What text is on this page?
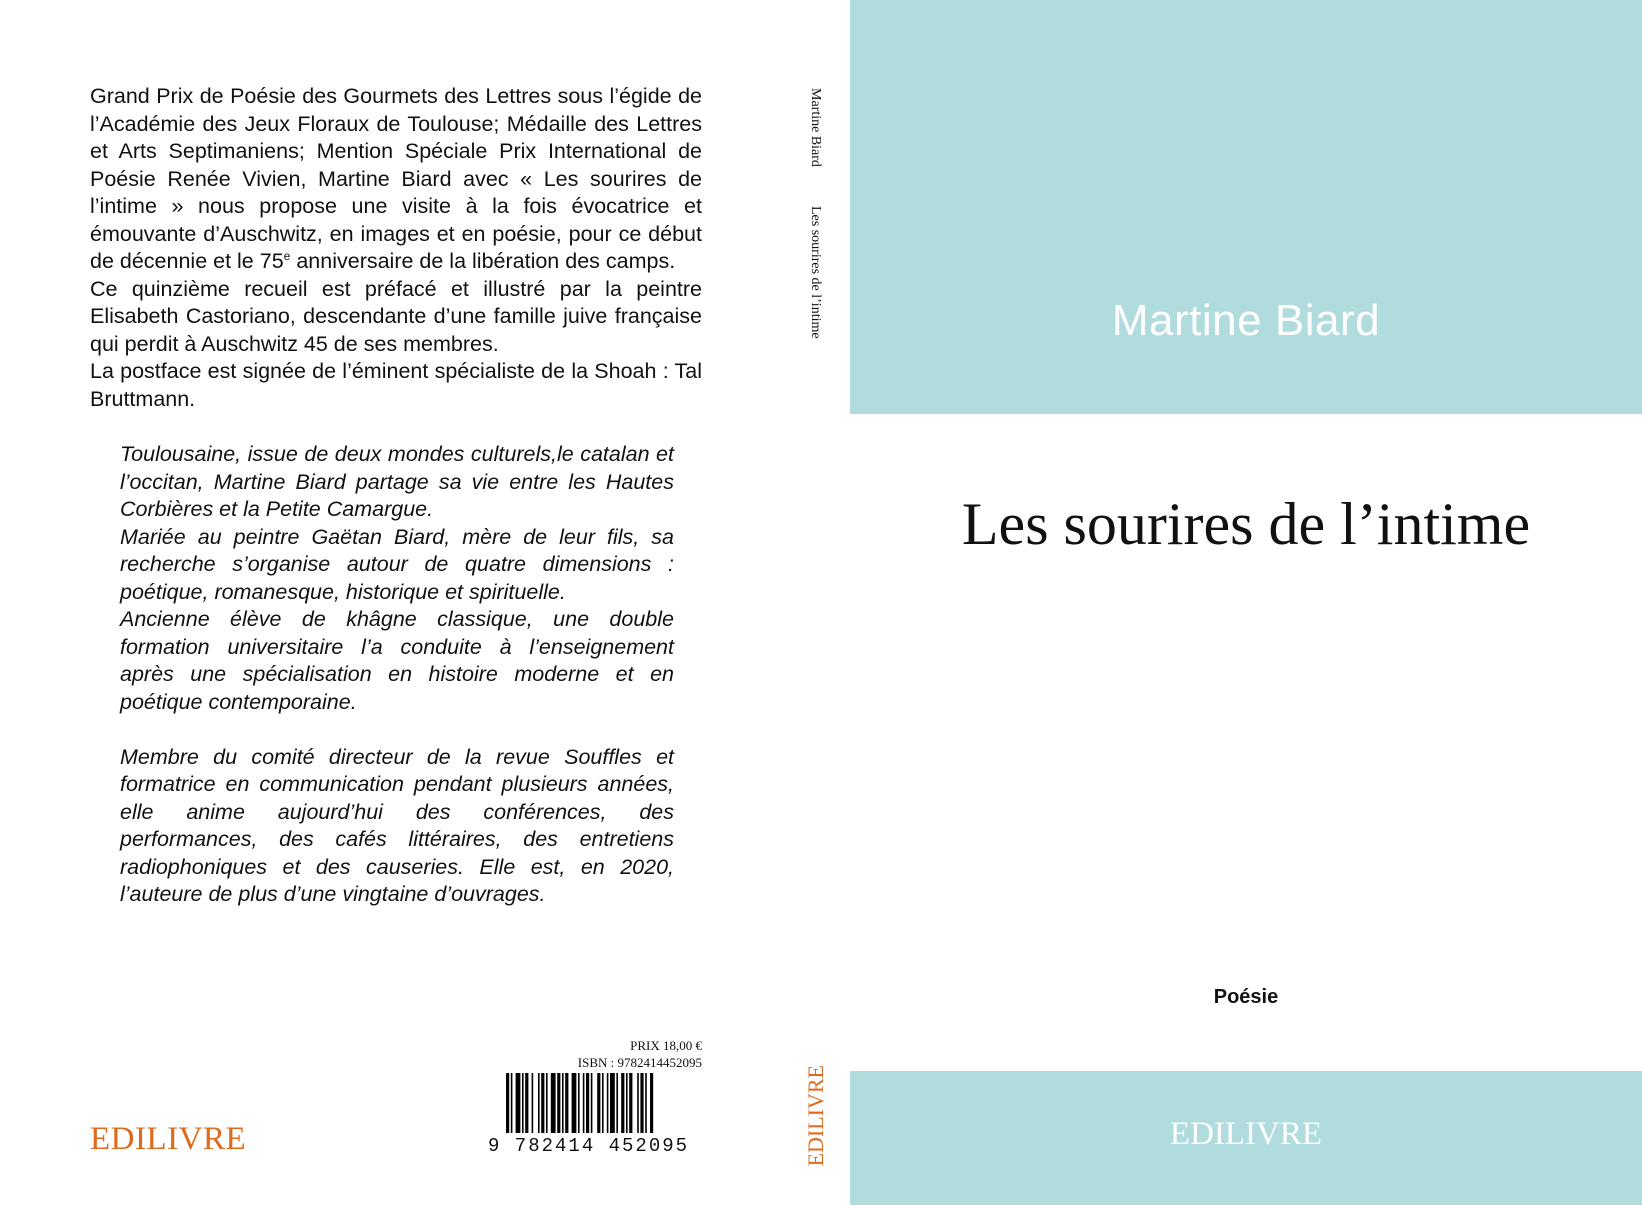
Grand Prix de Poésie des Gourmets des Lettres sous l’égide de l’Académie des Jeux Floraux de Toulouse; Médaille des Lettres et Arts Septimaniens; Mention Spéciale Prix International de Poésie Renée Vivien, Martine Biard avec « Les sourires de l’intime » nous propose une visite à la fois évocatrice et émouvante d’Auschwitz, en images et en poésie, pour ce début de décennie et le 75e anniversaire de la libération des camps.

Ce quinzième recueil est préfacé et illustré par la peintre Elisabeth Castoriano, descendante d’une famille juive française qui perdit à Auschwitz 45 de ses membres.

La postface est signée de l’éminent spécialiste de la Shoah : Tal Bruttmann.

Toulousaine, issue de deux mondes culturels,le catalan et l’occitan, Martine Biard partage sa vie entre les Hautes Corbières et la Petite Camargue.

Mariée au peintre Gaëtan Biard, mère de leur fils, sa recherche s’organise autour de quatre dimensions : poétique, romanesque, historique et spirituelle.

Ancienne élève de khâgne classique, une double formation universitaire l’a conduite à l’enseignement après une spécialisation en histoire moderne et en poétique contemporaine.

Membre du comité directeur de la revue Souffles et formatrice en communication pendant plusieurs années, elle anime aujourd’hui des conférences, des performances, des cafés littéraires, des entretiens radiophoniques et des causeries. Elle est, en 2020, l’auteure de plus d’une vingtaine d’ouvrages.

EDILIVRE
PRIX 18,00 €
ISBN : 9782414452095
9 782414 452095
Martine Biard
Les sourires de l’intime
EDILIVRE
Martine Biard
Les sourires de l’intime
Poésie
EDILIVRE
